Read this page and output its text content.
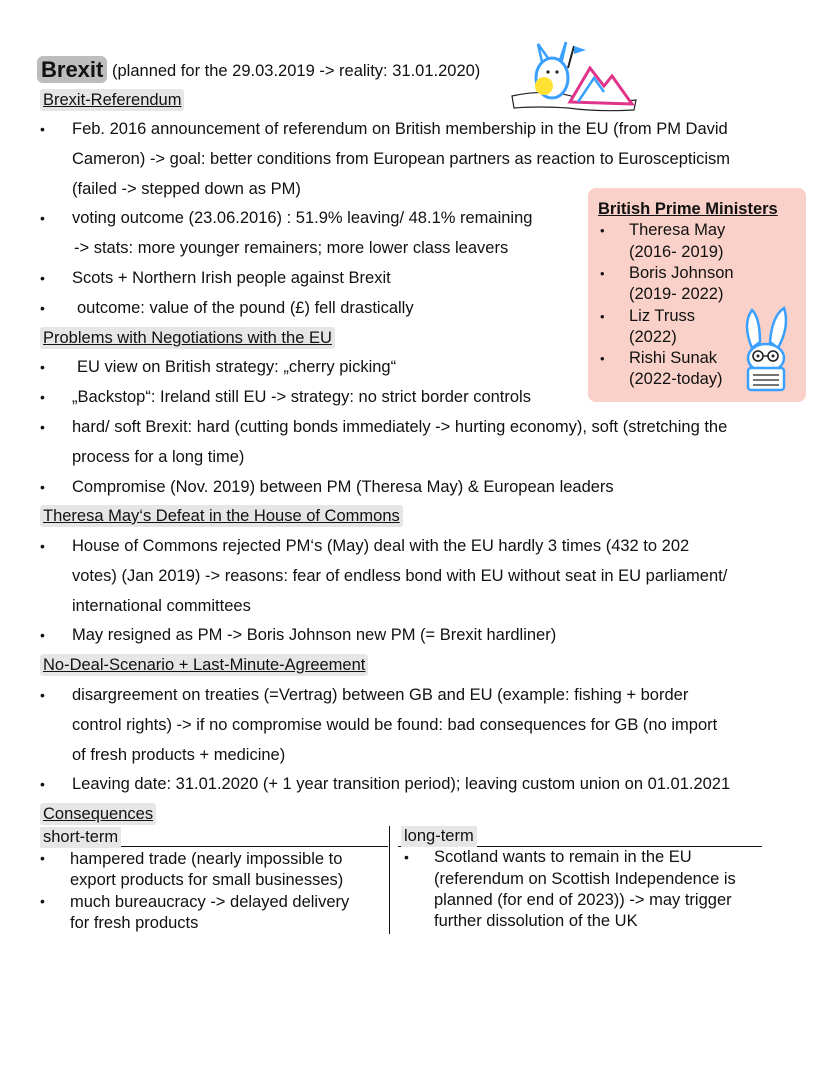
Brexit (planned for the 29.03.2019 -> reality: 31.01.2020)
Brexit-Referendum
• Feb. 2016 announcement of referendum on British membership in the EU (from PM David
Cameron) -> goal: better conditions from European partners as reaction to Euroscepticism
(failed -> stepped down as PM)
• voting outcome (23.06.2016) : 51.9% leaving/ 48.1% remaining
-> stats: more younger remainers; more lower class leavers
• Scots + Northern Irish people against Brexit
• outcome: value of the pound (£) fell drastically
Problems with Negotiations with the EU
• EU view on British strategy: „cherry picking“
• „Backstop“: Ireland still EU -> strategy: no strict border controls
• hard/ soft Brexit: hard (cutting bonds immediately -> hurting economy), soft (stretching the
process for a long time)
• Compromise (Nov. 2019) between PM (Theresa May) & European leaders
Theresa May‘s Defeat in the House of Commons
• House of Commons rejected PM‘s (May) deal with the EU hardly 3 times (432 to 202
votes) (Jan 2019) -> reasons: fear of endless bond with EU without seat in EU parliament/
international committees
• May resigned as PM -> Boris Johnson new PM (= Brexit hardliner)
No-Deal-Scenario + Last-Minute-Agreement
• disargreement on treaties (=Vertrag) between GB and EU (example: fishing + border
control rights) -> if no compromise would be found: bad consequences for GB (no import
of fresh products + medicine)
• Leaving date: 31.01.2020 (+ 1 year transition period); leaving custom union on 01.01.2021
Consequences
short-term	long-term
• hampered trade (nearly impossible to
export products for small businesses)
• much bureaucracy -> delayed delivery
for fresh products
• Scotland wants to remain in the EU
(referendum on Scottish Independence is
planned (for end of 2023)) -> may trigger
further dissolution of the UK
British Prime Ministers
• Theresa May
(2016- 2019)
• Boris Johnson
(2019- 2022)
• Liz Truss
(2022)
• Rishi Sunak
(2022-today)
